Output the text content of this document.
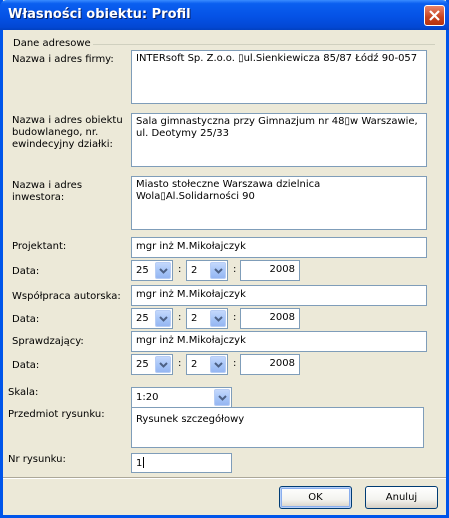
Własności obiektu: Profil
Dane adresowe
Nazwa i adres firmy:	INTERsoft Sp. Z.o.o. ▯ul.Sienkiewicza 85/87 Łódź 90-057
Nazwa i adres obiektu budowlanego, nr. ewindecyjny działki:
Sala gimnastyczna przy Gimnazjum nr 48▯w Warszawie, ul. Deotymy 25/33
Nazwa i adres inwestora:
Miasto stołeczne Warszawa dzielnica Wola▯Al.Solidarności 90
Projektant:	mgr inż M.Mikołajczyk
Data:	25	: 2	:	2008
Współpraca autorska:	mgr inż M.Mikołajczyk
Data:	25	: 2	:	2008
Sprawdzający:	mgr inż M.Mikołajczyk
Data:	25	: 2	:	2008
Skala:	1:20
Przedmiot rysunku:	Rysunek szczegółowy
Nr rysunku:	1
OK	Anuluj
